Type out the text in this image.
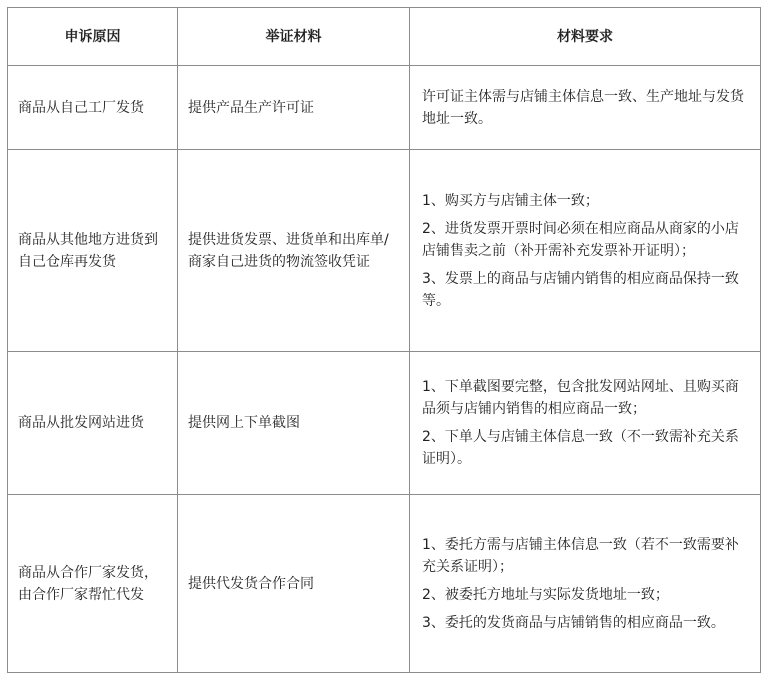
申诉原因	举证材料	材料要求
商品从自己工厂发货	提供产品生产许可证	许可证主体需与店铺主体信息一致、生产地址与发货地址一致。

商品从其他地方进货到自己仓库再发货	提供进货发票、进货单和出库单/商家自己进货的物流签收凭证	1、购买方与店铺主体一致；

2、进货发票开票时间必须在相应商品从商家的小店店铺售卖之前（补开需补充发票补开证明）；

3、发票上的商品与店铺内销售的相应商品保持一致等。

商品从批发网站进货	提供网上下单截图	1、下单截图要完整，包含批发网站网址、且购买商品须与店铺内销售的相应商品一致；

2、下单人与店铺主体信息一致（不一致需补充关系证明）。

商品从合作厂家发货，由合作厂家帮忙代发	提供代发货合作合同	1、委托方需与店铺主体信息一致（若不一致需要补充关系证明）；

2、被委托方地址与实际发货地址一致；

3、委托的发货商品与店铺销售的相应商品一致。
